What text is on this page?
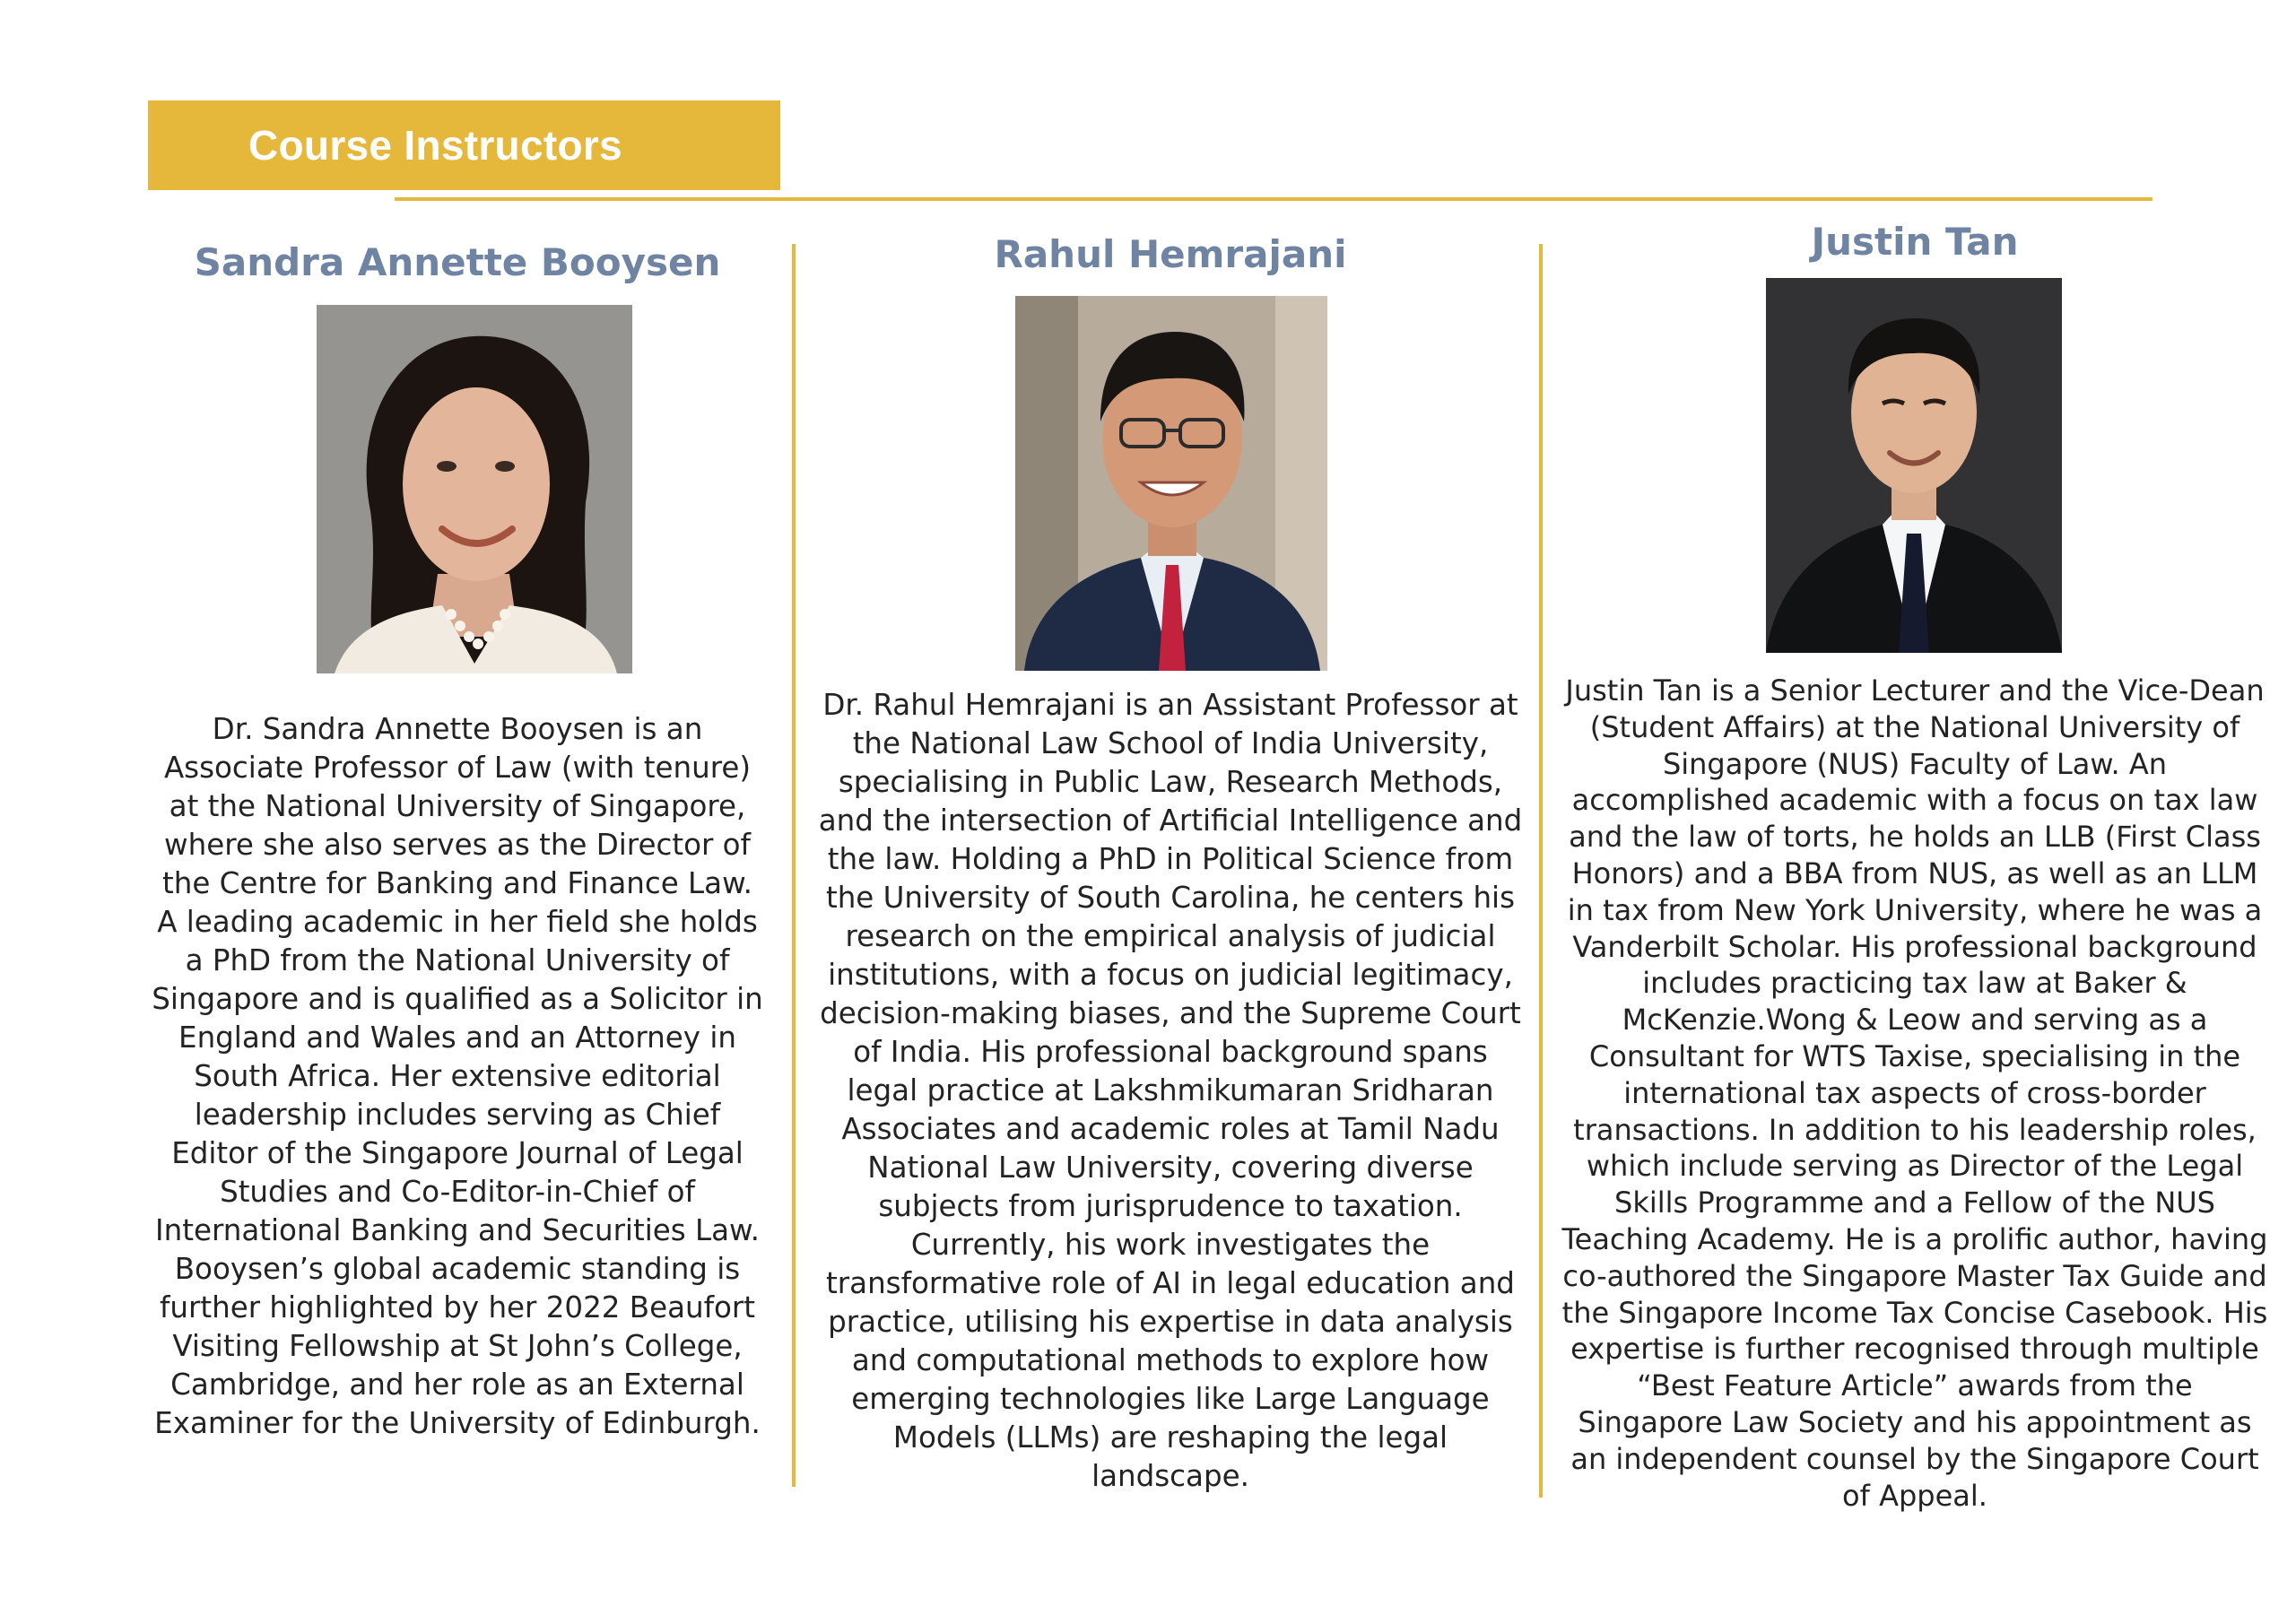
Course Instructors
Sandra Annette Booysen

Dr. Sandra Annette Booysen is an Associate Professor of Law (with tenure) at the National University of Singapore, where she also serves as the Director of the Centre for Banking and Finance Law. A leading academic in her field she holds a PhD from the National University of Singapore and is qualified as a Solicitor in England and Wales and an Attorney in South Africa. Her extensive editorial leadership includes serving as Chief Editor of the Singapore Journal of Legal Studies and Co-Editor-in-Chief of International Banking and Securities Law. Booysen’s global academic standing is further highlighted by her 2022 Beaufort Visiting Fellowship at St John’s College, Cambridge, and her role as an External Examiner for the University of Edinburgh.

Rahul Hemrajani

Dr. Rahul Hemrajani is an Assistant Professor at the National Law School of India University, specialising in Public Law, Research Methods, and the intersection of Artificial Intelligence and the law. Holding a PhD in Political Science from the University of South Carolina, he centers his research on the empirical analysis of judicial institutions, with a focus on judicial legitimacy, decision-making biases, and the Supreme Court of India. His professional background spans legal practice at Lakshmikumaran Sridharan Associates and academic roles at Tamil Nadu National Law University, covering diverse subjects from jurisprudence to taxation. Currently, his work investigates the transformative role of AI in legal education and practice, utilising his expertise in data analysis and computational methods to explore how emerging technologies like Large Language Models (LLMs) are reshaping the legal landscape.

Justin Tan

Justin Tan is a Senior Lecturer and the Vice-Dean (Student Affairs) at the National University of Singapore (NUS) Faculty of Law. An accomplished academic with a focus on tax law and the law of torts, he holds an LLB (First Class Honors) and a BBA from NUS, as well as an LLM in tax from New York University, where he was a Vanderbilt Scholar. His professional background includes practicing tax law at Baker & McKenzie.Wong & Leow and serving as a Consultant for WTS Taxise, specialising in the international tax aspects of cross-border transactions. In addition to his leadership roles, which include serving as Director of the Legal Skills Programme and a Fellow of the NUS Teaching Academy. He is a prolific author, having co-authored the Singapore Master Tax Guide and the Singapore Income Tax Concise Casebook. His expertise is further recognised through multiple “Best Feature Article” awards from the Singapore Law Society and his appointment as an independent counsel by the Singapore Court of Appeal.
